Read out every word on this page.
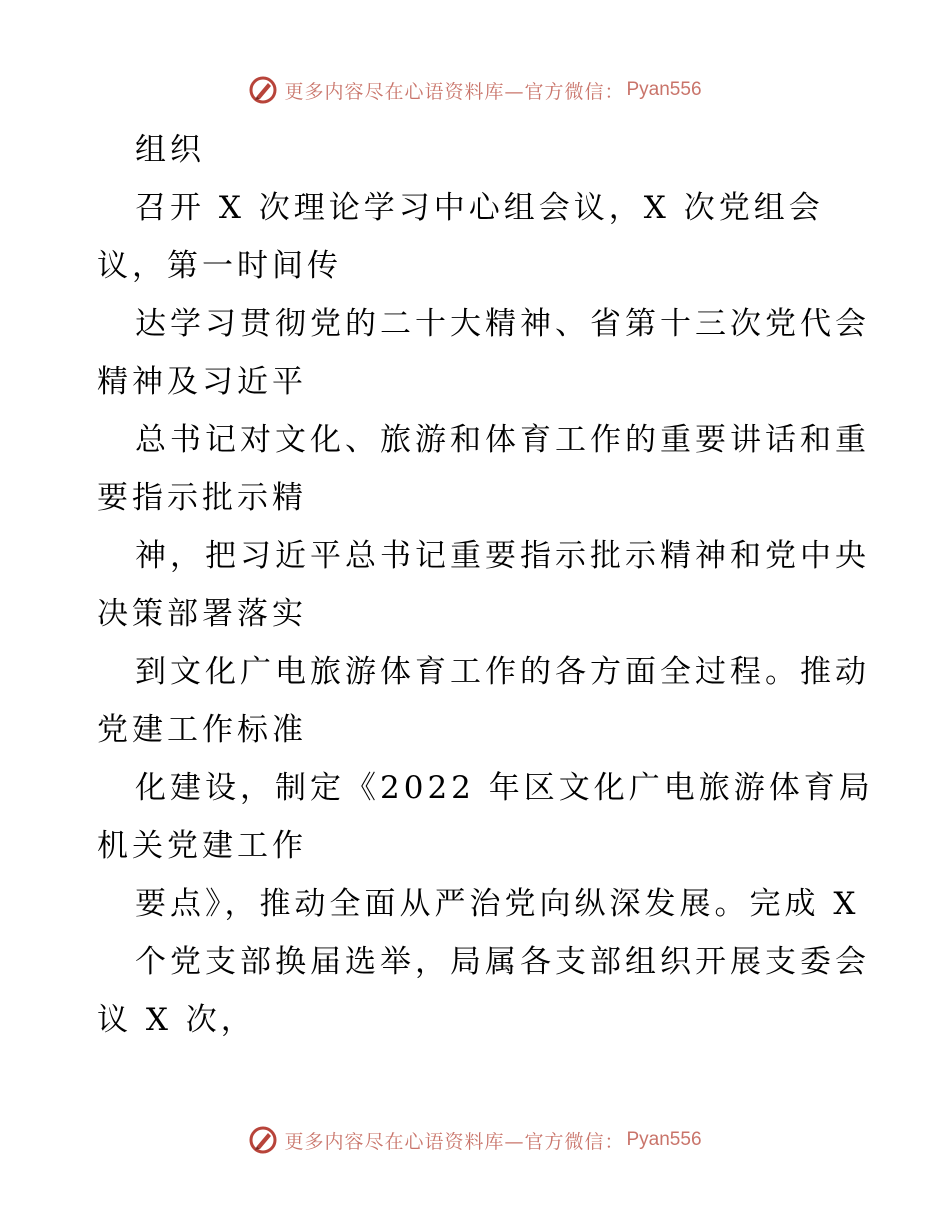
更多内容尽在心语资料库—官方微信： Pyan556
组织
召开 X 次理论学习中心组会议，X 次党组会
议，第一时间传
达学习贯彻党的二十大精神、省第十三次党代会
精神及习近平
总书记对文化、旅游和体育工作的重要讲话和重
要指示批示精
神，把习近平总书记重要指示批示精神和党中央
决策部署落实
到文化广电旅游体育工作的各方面全过程。推动
党建工作标准
化建设，制定《2022 年区文化广电旅游体育局
机关党建工作
要点》，推动全面从严治党向纵深发展。完成 X
个党支部换届选举，局属各支部组织开展支委会
议 X 次，
更多内容尽在心语资料库—官方微信： Pyan556
